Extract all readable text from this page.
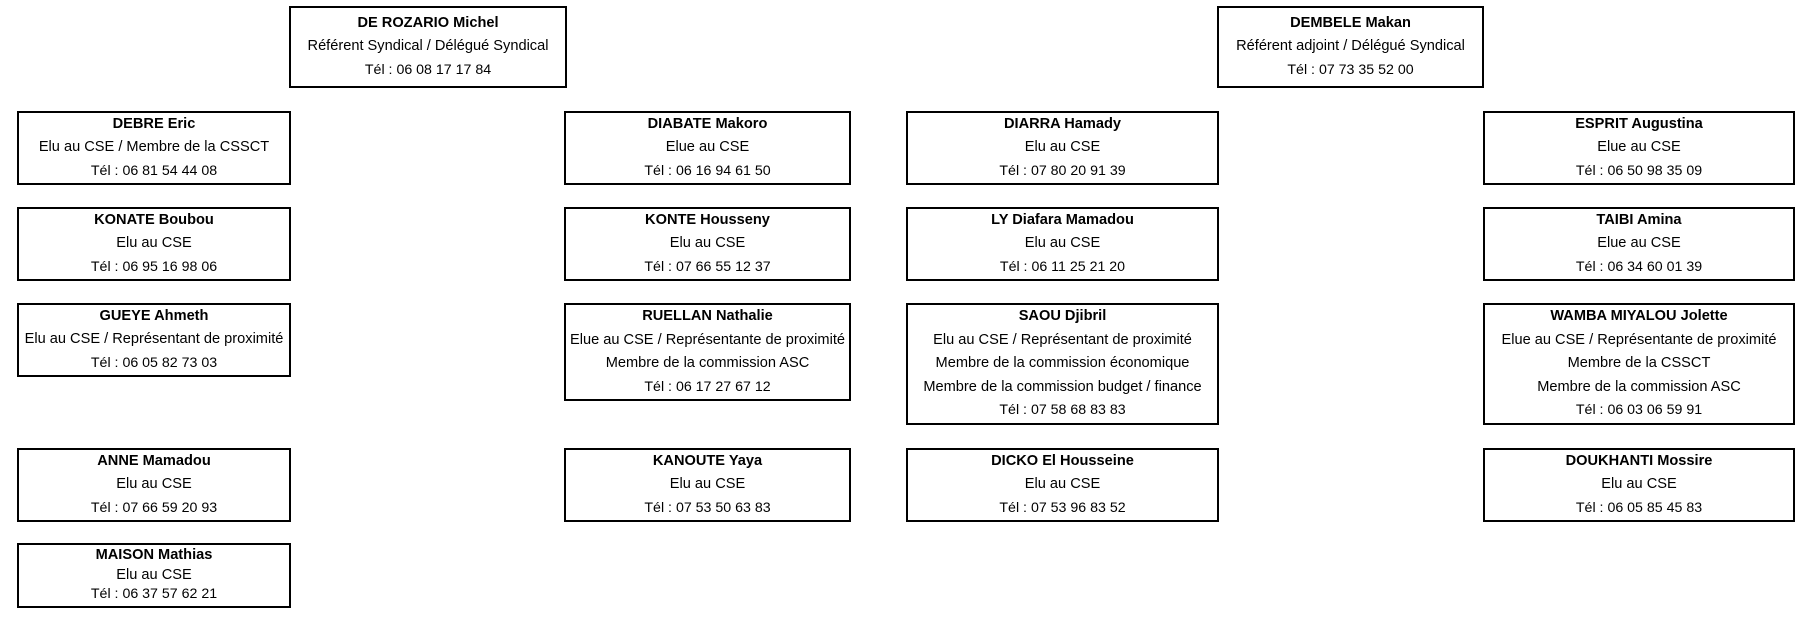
DE ROZARIO Michel
Référent Syndical / Délégué Syndical
Tél : 06 08 17 17 84
DEMBELE Makan
Référent adjoint / Délégué Syndical
Tél : 07 73 35 52 00
DEBRE Eric
Elu au CSE / Membre de la CSSCT
Tél : 06 81 54 44 08
KONATE Boubou
Elu au CSE
Tél : 06 95 16 98 06
GUEYE Ahmeth
Elu au CSE / Représentant de proximité
Tél : 06 05 82 73 03
ANNE Mamadou
Elu au CSE
Tél : 07 66 59 20 93
MAISON Mathias
Elu au CSE
Tél : 06 37 57 62 21
DIABATE Makoro
Elue au CSE
Tél : 06 16 94 61 50
KONTE Housseny
Elu au CSE
Tél : 07 66 55 12 37
RUELLAN Nathalie
Elue au CSE / Représentante de proximité
Membre de la commission ASC
Tél : 06 17 27 67 12
KANOUTE Yaya
Elu au CSE
Tél : 07 53 50 63 83
DIARRA Hamady
Elu au CSE
Tél : 07 80 20 91 39
LY Diafara Mamadou
Elu au CSE
Tél : 06 11 25 21 20
SAOU Djibril
Elu au CSE / Représentant de proximité
Membre de la commission économique
Membre de la commission budget / finance
Tél : 07 58 68 83 83
DICKO El Housseine
Elu au CSE
Tél : 07 53 96 83 52
ESPRIT Augustina
Elue au CSE
Tél : 06 50 98 35 09
TAIBI Amina
Elue au CSE
Tél : 06 34 60 01 39
WAMBA MIYALOU Jolette
Elue au CSE / Représentante de proximité
Membre de la CSSCT
Membre de la commission ASC
Tél : 06 03 06 59 91
DOUKHANTI Mossire
Elu au CSE
Tél : 06 05 85 45 83
